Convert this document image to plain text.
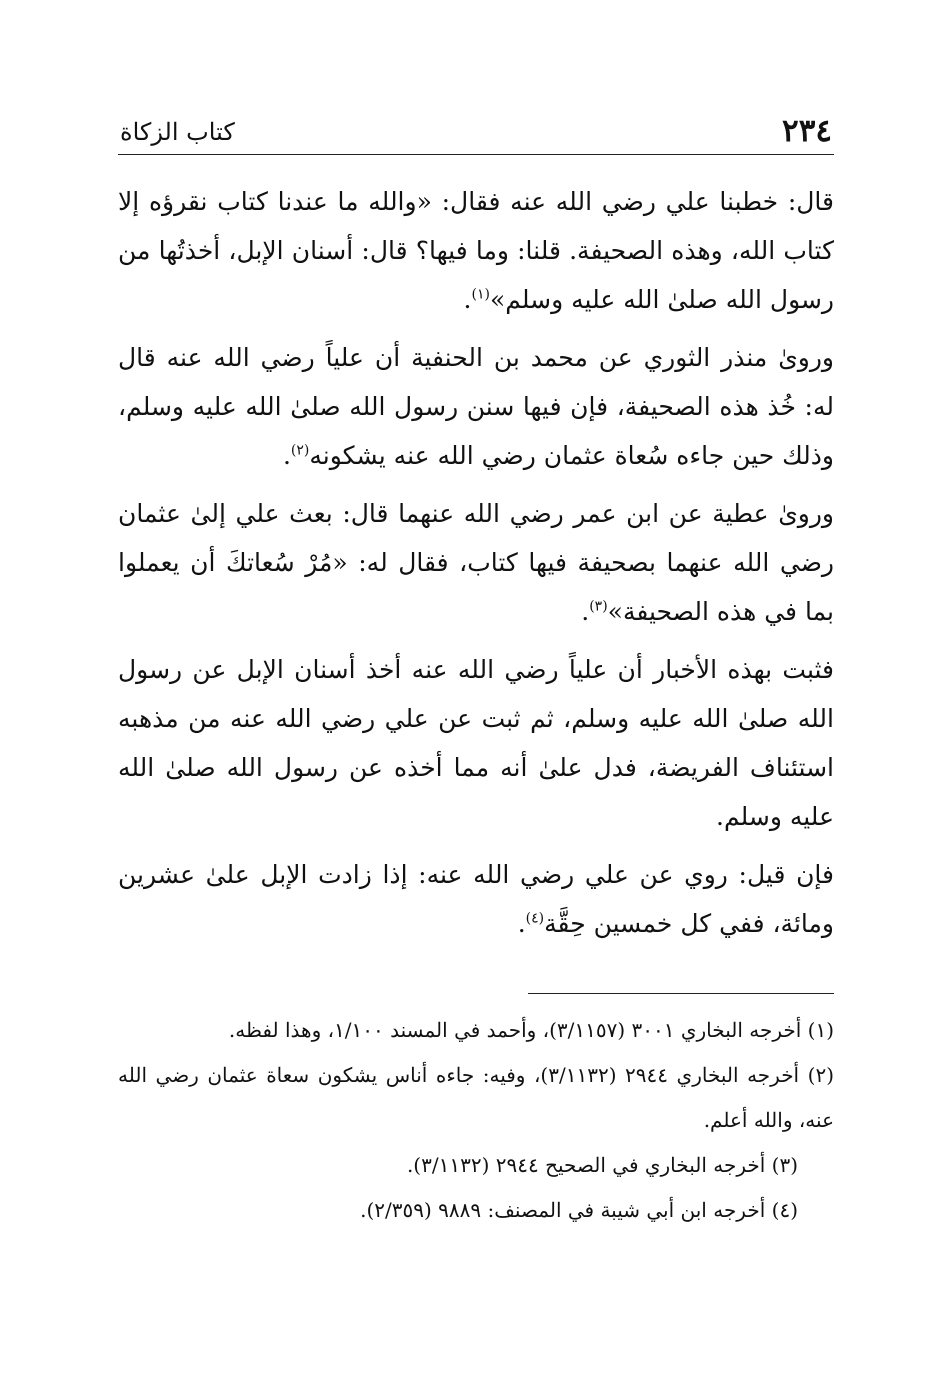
٢٣٤
كتاب الزكاة

قال: خطبنا علي رضي الله عنه فقال: «والله ما عندنا كتاب نقرؤه إلا كتاب الله، وهذه الصحيفة. قلنا: وما فيها؟ قال: أسنان الإبل، أخذتُها من رسول الله صلىٰ الله عليه وسلم»$^{(١)}$.

ورویٰ منذر الثوري عن محمد بن الحنفية أن علياً رضي الله عنه قال له: خُذ هذه الصحيفة، فإن فيها سنن رسول الله صلىٰ الله عليه وسلم، وذلك حين جاءه سُعاة عثمان رضي الله عنه يشكونه$^{(٢)}$.

ورویٰ عطية عن ابن عمر رضي الله عنهما قال: بعث علي إلىٰ عثمان رضي الله عنهما بصحيفة فيها كتاب، فقال له: «مُرْ سُعاتكَ أن يعملوا بما في هذه الصحيفة»$^{(٣)}$.

فثبت بهذه الأخبار أن علياً رضي الله عنه أخذ أسنان الإبل عن رسول الله صلىٰ الله عليه وسلم، ثم ثبت عن علي رضي الله عنه من مذهبه استئناف الفريضة، فدل علىٰ أنه مما أخذه عن رسول الله صلىٰ الله عليه وسلم.

فإن قيل: روي عن علي رضي الله عنه: إذا زادت الإبل علىٰ عشرين ومائة، ففي كل خمسين حِقَّة$^{(٤)}$.

(١) أخرجه البخاري ٣٠٠١ (٣/١١٥٧)، وأحمد في المسند ١/١٠٠، وهذا لفظه.

(٢) أخرجه البخاري ٢٩٤٤ (٣/١١٣٢)، وفيه: جاءه أناس يشكون سعاة عثمان رضي الله عنه، والله أعلم.

(٣) أخرجه البخاري في الصحيح ٢٩٤٤ (٣/١١٣٢).

(٤) أخرجه ابن أبي شيبة في المصنف: ٩٨٨٩ (٢/٣٥٩).
